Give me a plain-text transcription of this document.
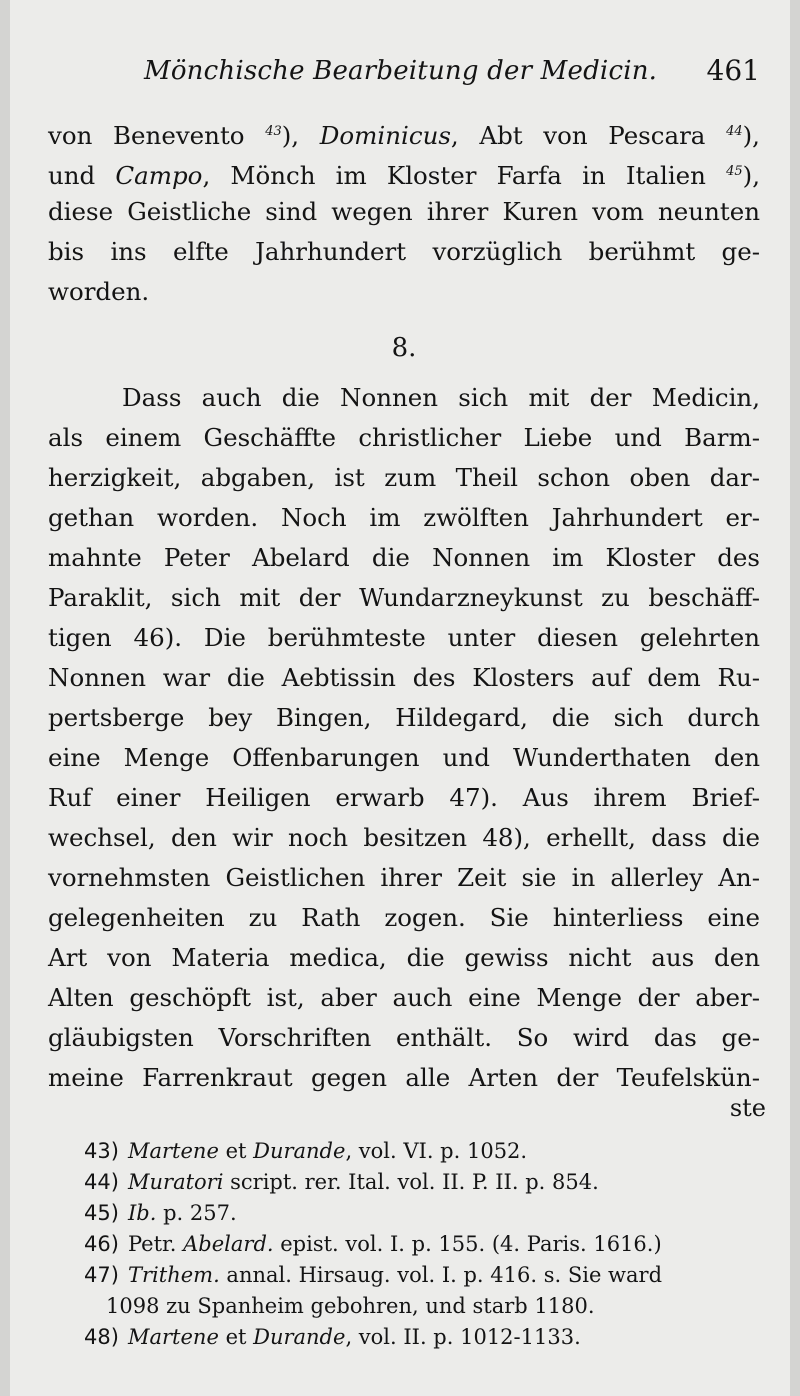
Mönchische Bearbeitung der Medicin. 461
von Benevento $^{43}$), Dominicus, Abt von Pescara $^{44}$),
und Campo, Mönch im Kloster Farfa in Italien $^{45}$),
diese Geistliche sind wegen ihrer Kuren vom neunten
bis ins elfte Jahrhundert vorzüglich berühmt ge-
worden.
8.
Dass auch die Nonnen sich mit der Medicin,
als einem Geschäffte christlicher Liebe und Barm-
herzigkeit, abgaben, ist zum Theil schon oben dar-
gethan worden. Noch im zwölften Jahrhundert er-
mahnte Peter Abelard die Nonnen im Kloster des
Paraklit, sich mit der Wundarzneykunst zu beschäff-
tigen 46). Die berühmteste unter diesen gelehrten
Nonnen war die Aebtissin des Klosters auf dem Ru-
pertsberge bey Bingen, Hildegard, die sich durch
eine Menge Offenbarungen und Wunderthaten den
Ruf einer Heiligen erwarb 47). Aus ihrem Brief-
wechsel, den wir noch besitzen 48), erhellt, dass die
vornehmsten Geistlichen ihrer Zeit sie in allerley An-
gelegenheiten zu Rath zogen. Sie hinterliess eine
Art von Materia medica, die gewiss nicht aus den
Alten geschöpft ist, aber auch eine Menge der aber-
gläubigsten Vorschriften enthält. So wird das ge-
meine Farrenkraut gegen alle Arten der Teufelskün-
ste
43) Martene et Durande, vol. VI. p. 1052.
44) Muratori script. rer. Ital. vol. II. P. II. p. 854.
45) Ib. p. 257.
46) Petr. Abelard. epist. vol. I. p. 155. (4. Paris. 1616.)
47) Trithem. annal. Hirsaug. vol. I. p. 416. s. Sie ward
1098 zu Spanheim gebohren, und starb 1180.
48) Martene et Durande, vol. II. p. 1012-1133.
